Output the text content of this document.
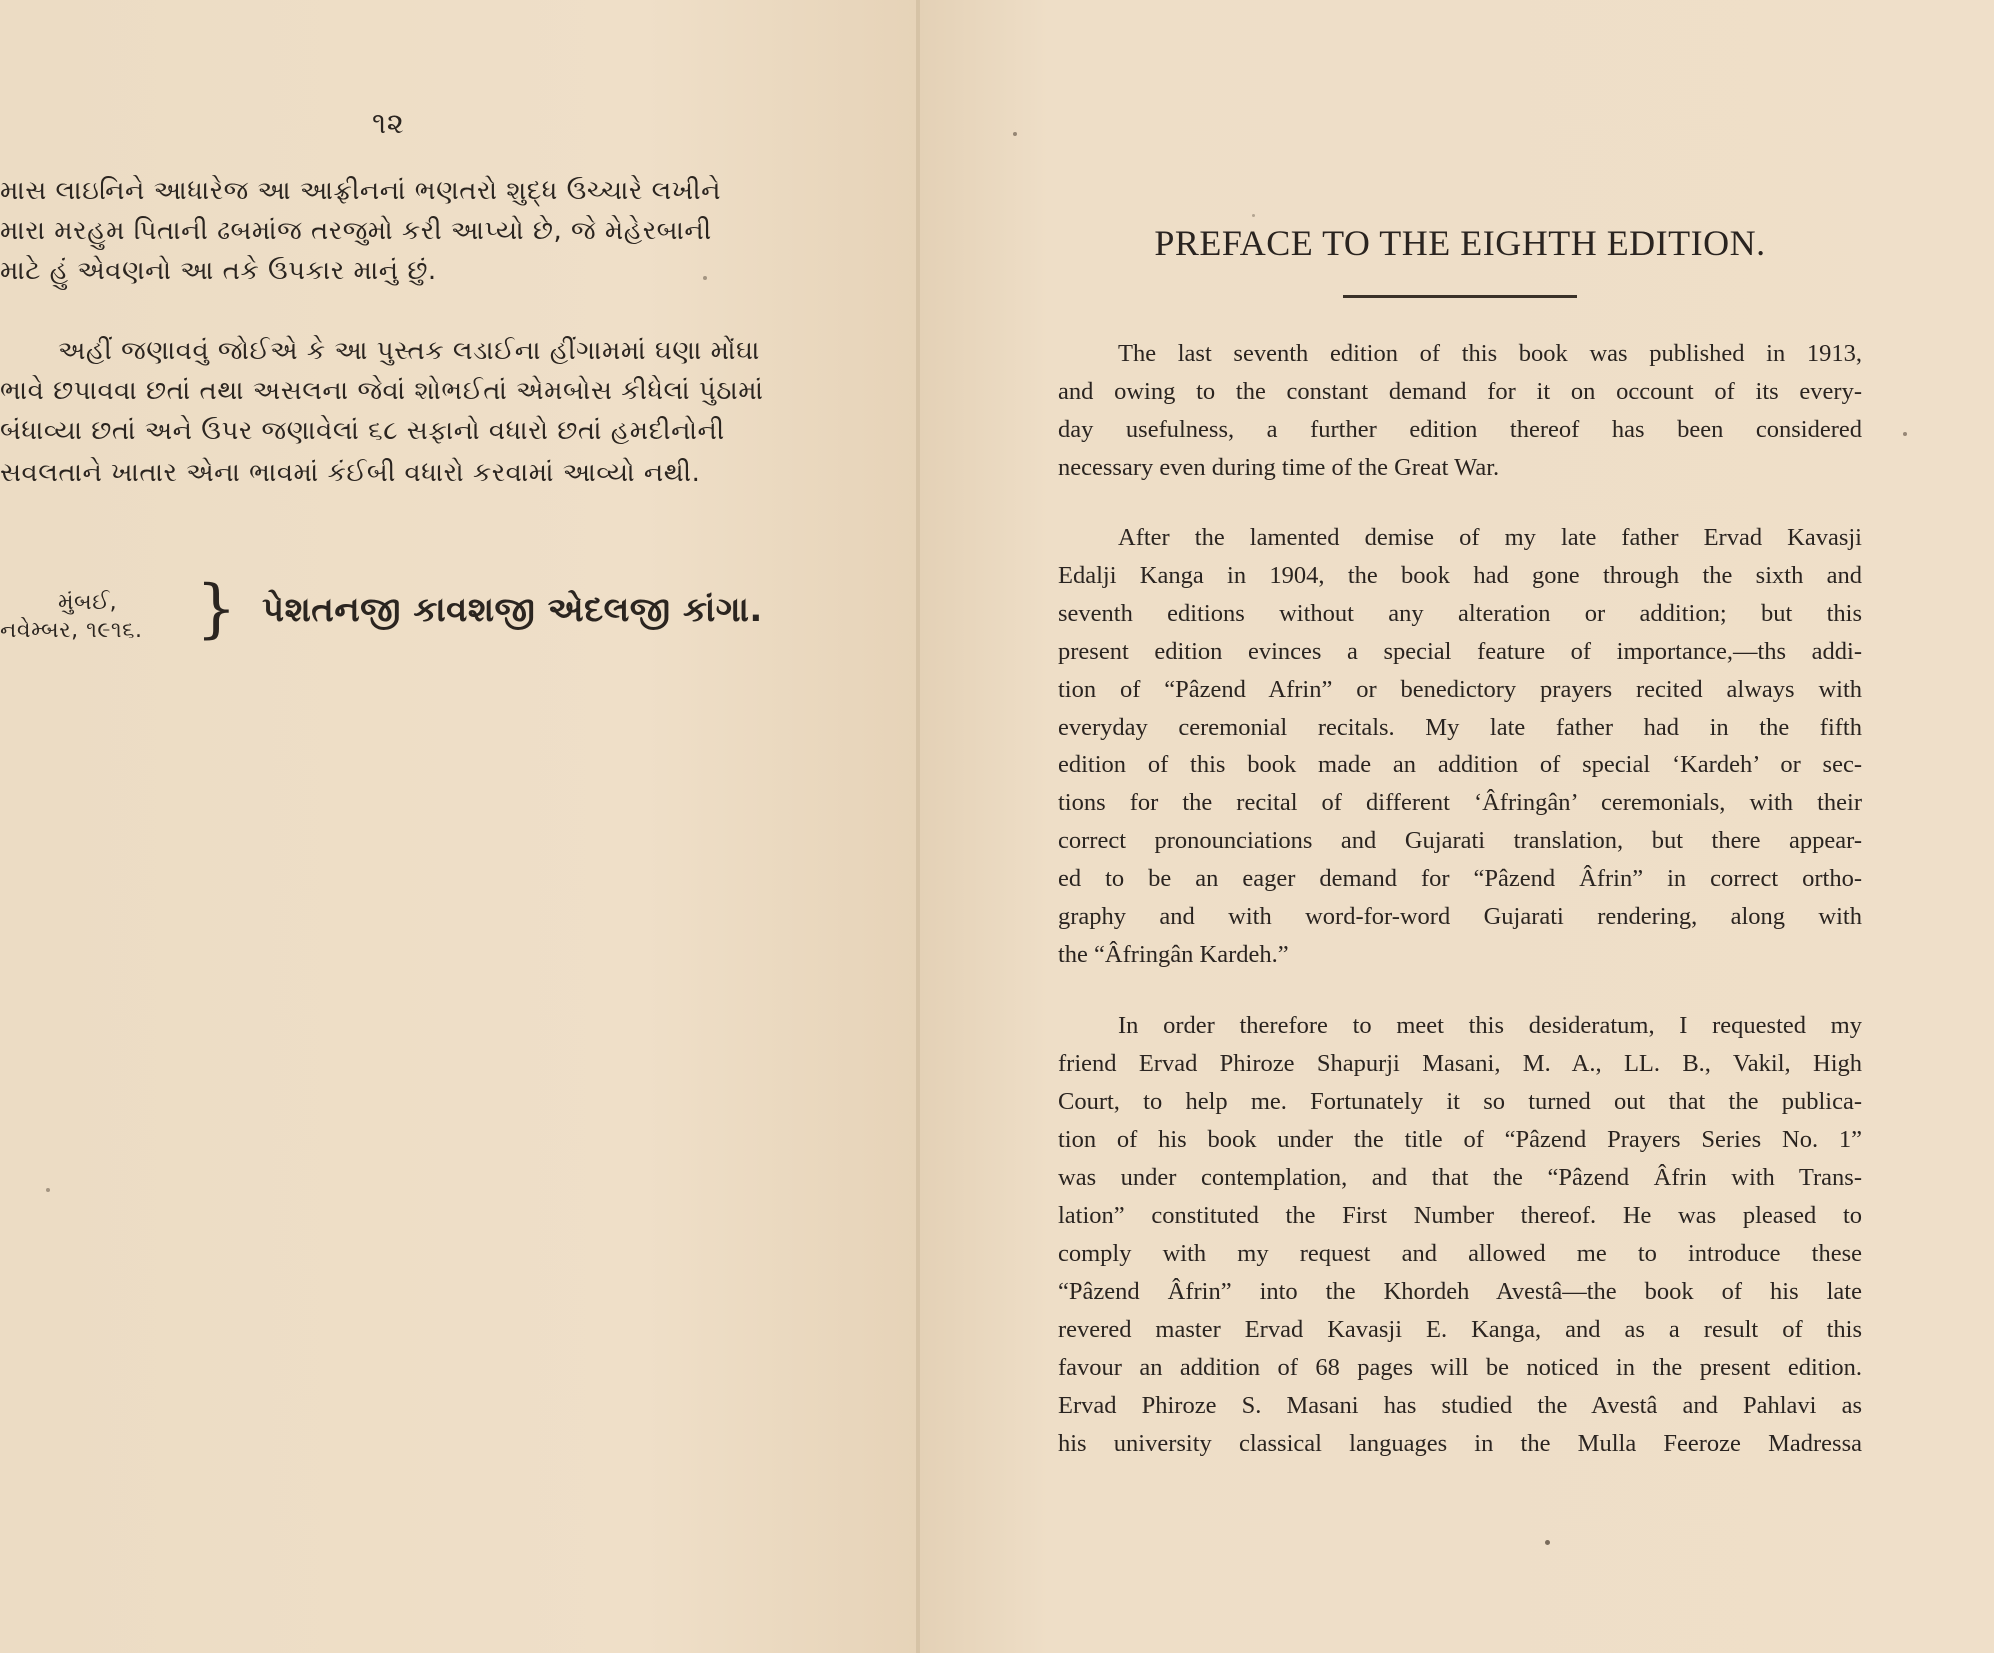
૧૨
માસ લાઇનિને આધારેજ આ આફ્રીનનાં ભણતરો શુદ્ધ ઉચ્ચારે લખીને
મારા મરહુમ પિતાની ઢબમાંજ તરજુમો કરી આપ્યો છે, જે મેહેરબાની
માટે હું એવણનો આ તકે ઉપકાર માનું છું.
અહીં જણાવવું જોઈએ કે આ પુસ્તક લડાઈના હીંગામમાં ઘણા મોંઘા
ભાવે છપાવવા છતાં તથા અસલના જેવાં શોભઈતાં એમબોસ કીધેલાં પુંઠામાં
બંધાવ્યા છતાં અને ઉપર જણાવેલાં ૬૮ સફાનો વધારો છતાં હમદીનોની
સવલતાને ખાતાર એના ભાવમાં કંઈબી વધારો કરવામાં આવ્યો નથી.
મુંબઈ,
નવેમ્બર, ૧૯૧૬. } પેશતનજી કાવશજી એદલજી કાંગા.
PREFACE TO THE EIGHTH EDITION.
The last seventh edition of this book was published in 1913,
and owing to the constant demand for it on occount of its every-
day usefulness, a further edition thereof has been considered
necessary even during time of the Great War.
After the lamented demise of my late father Ervad Kavasji
Edalji Kanga in 1904, the book had gone through the sixth and
seventh editions without any alteration or addition; but this
present edition evinces a special feature of importance,—ths addi-
tion of “Pâzend Afrin” or benedictory prayers recited always with
everyday ceremonial recitals. My late father had in the fifth
edition of this book made an addition of special ‘Kardeh’ or sec-
tions for the recital of different ‘Âfringân’ ceremonials, with their
correct pronounciations and Gujarati translation, but there appear-
ed to be an eager demand for “Pâzend Âfrin” in correct ortho-
graphy and with word-for-word Gujarati rendering, along with
the “Âfringân Kardeh.”
In order therefore to meet this desideratum, I requested my
friend Ervad Phiroze Shapurji Masani, M. A., LL. B., Vakil, High
Court, to help me. Fortunately it so turned out that the publica-
tion of his book under the title of “Pâzend Prayers Series No. 1”
was under contemplation, and that the “Pâzend Âfrin with Trans-
lation” constituted the First Number thereof. He was pleased to
comply with my request and allowed me to introduce these
“Pâzend Âfrin” into the Khordeh Avestâ—the book of his late
revered master Ervad Kavasji E. Kanga, and as a result of this
favour an addition of 68 pages will be noticed in the present edition.
Ervad Phiroze S. Masani has studied the Avestâ and Pahlavi as
his university classical languages in the Mulla Feeroze Madressa
